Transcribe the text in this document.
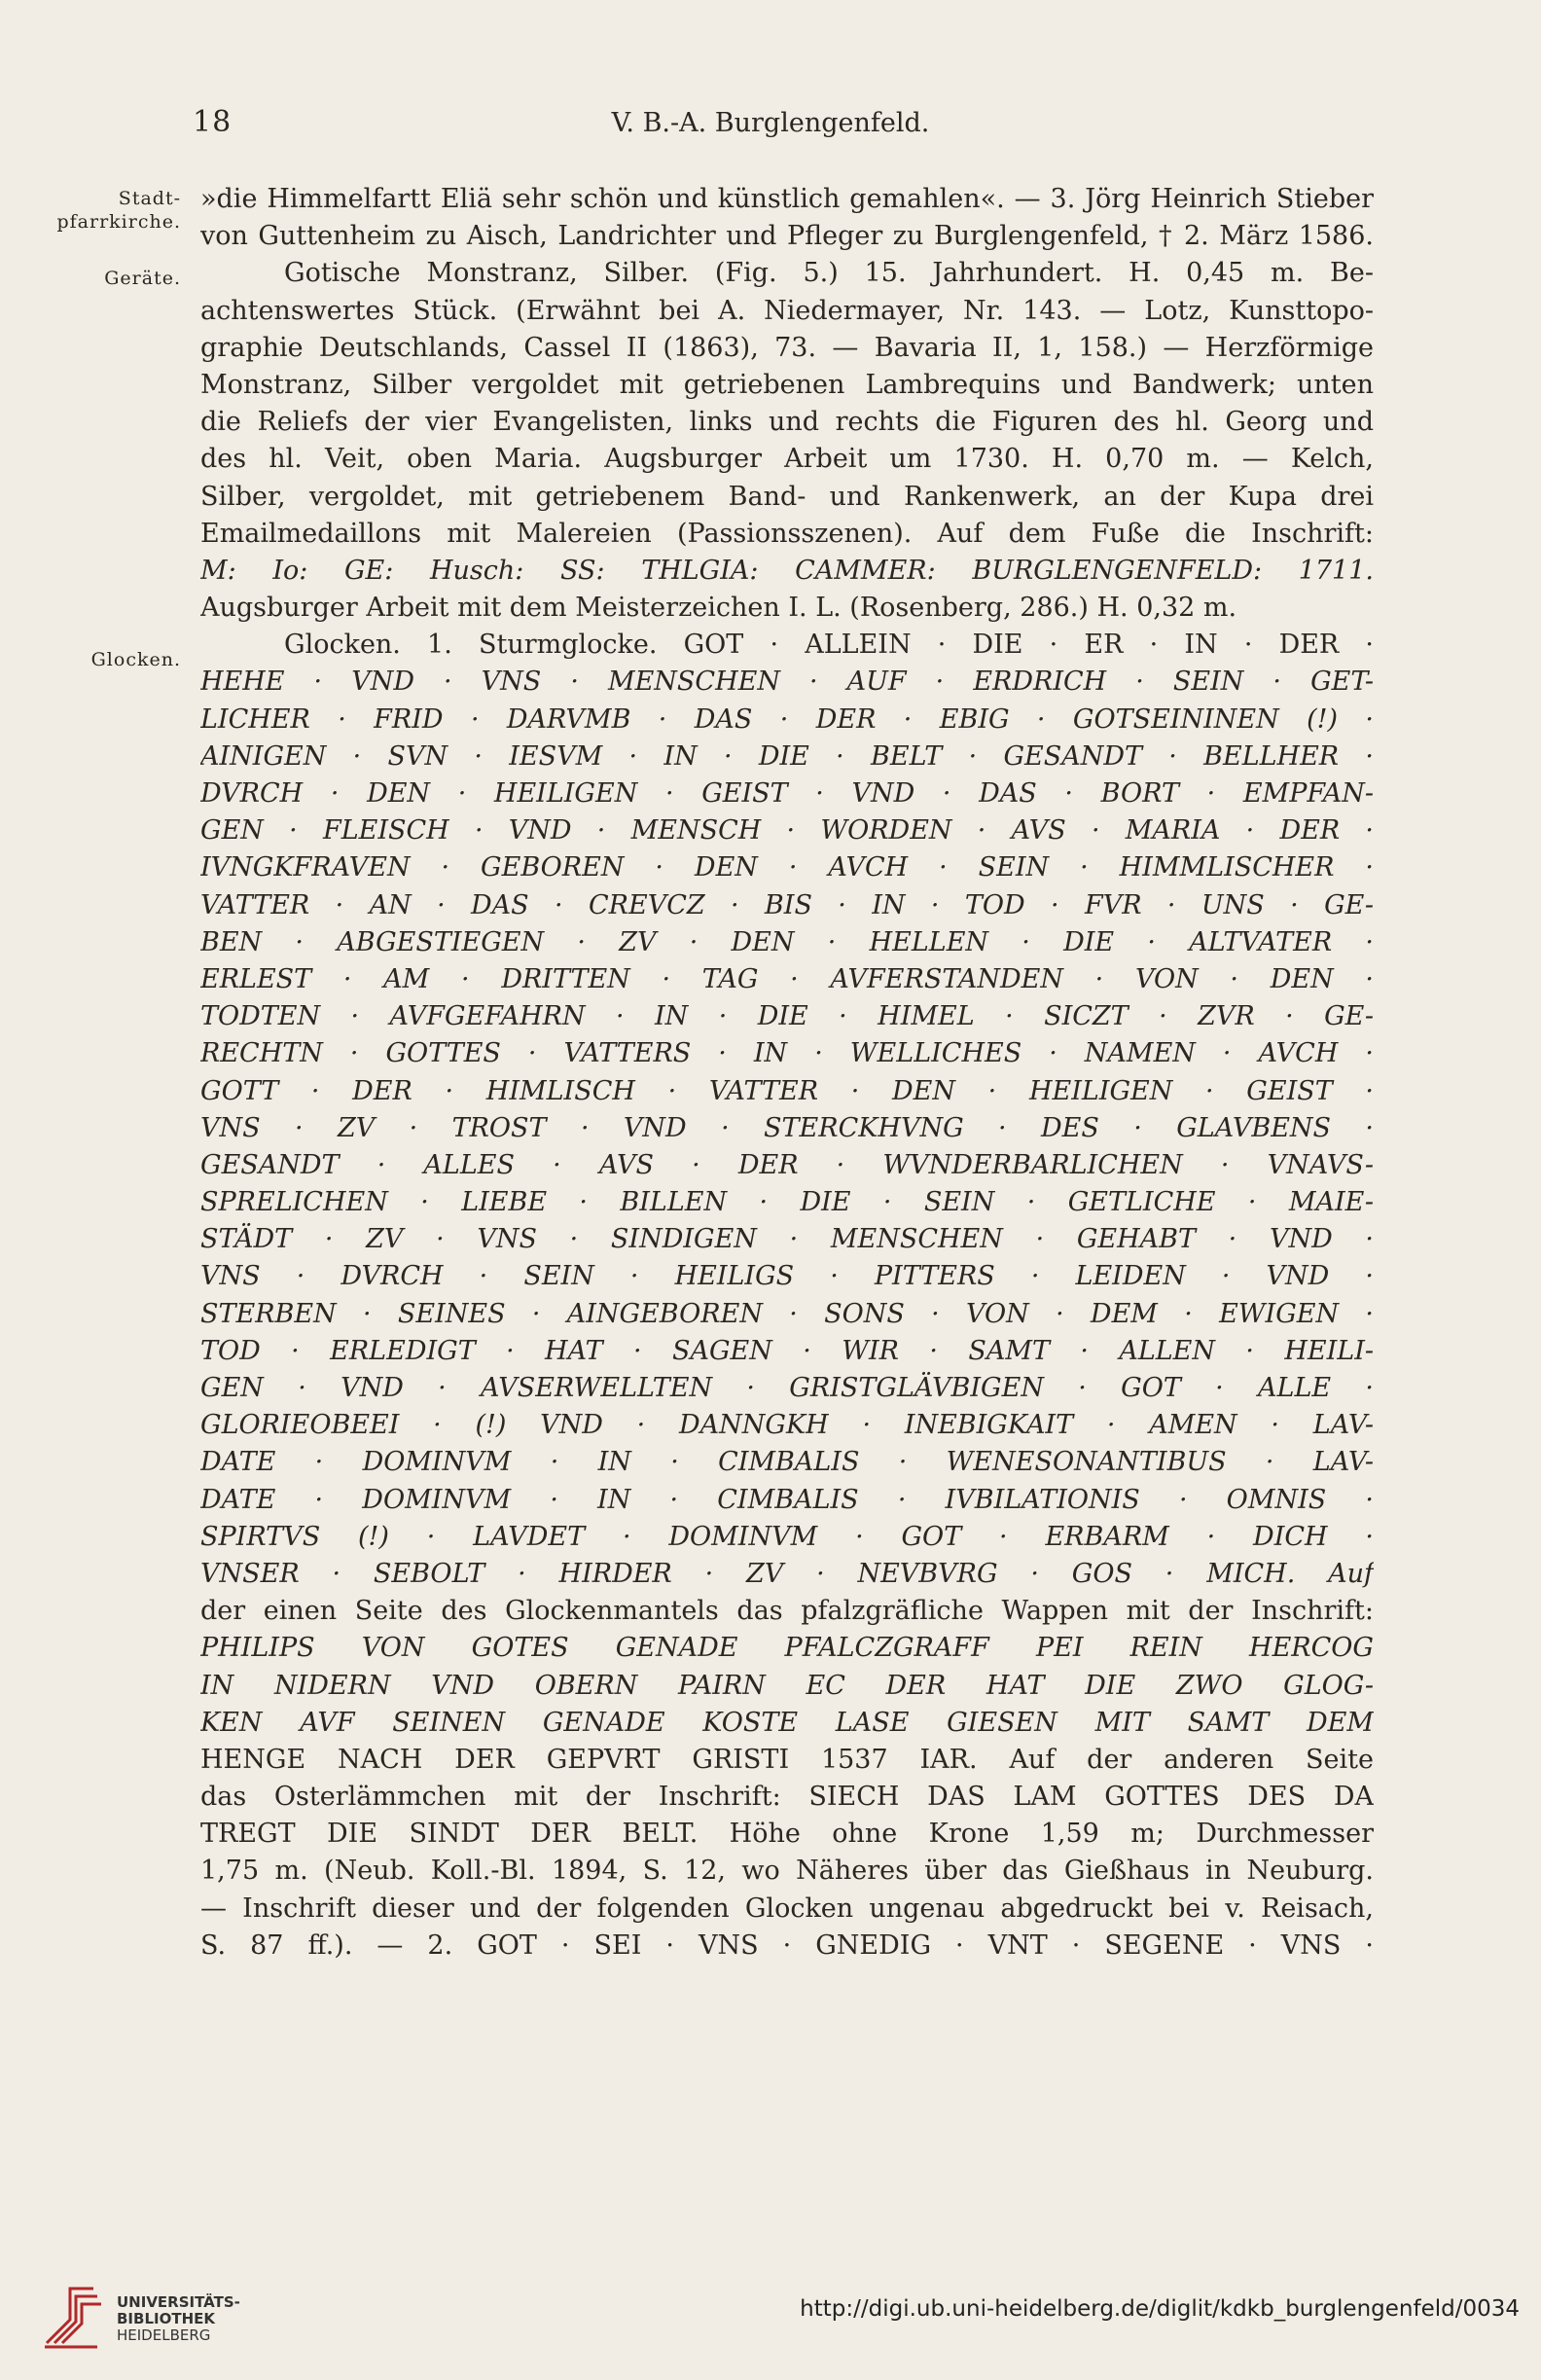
18	V. B.-A. Burglengenfeld.
Stadt-
pfarrkirche.
Geräte.
Glocken.

»die Himmelfartt Eliä sehr schön und künstlich gemahlen«. — 3. Jörg Heinrich Stieber

von Guttenheim zu Aisch, Landrichter und Pfleger zu Burglengenfeld, † 2. März 1586.

Gotische Monstranz, Silber. (Fig. 5.) 15. Jahrhundert. H. 0,45 m. Be-

achtenswertes Stück. (Erwähnt bei A. Niedermayer, Nr. 143. — Lotz, Kunsttopo-

graphie Deutschlands, Cassel II (1863), 73. — Bavaria II, 1, 158.) — Herzförmige

Monstranz, Silber vergoldet mit getriebenen Lambrequins und Bandwerk; unten

die Reliefs der vier Evangelisten, links und rechts die Figuren des hl. Georg und

des hl. Veit, oben Maria. Augsburger Arbeit um 1730. H. 0,70 m. — Kelch,

Silber, vergoldet, mit getriebenem Band- und Rankenwerk, an der Kupa drei

Emailmedaillons mit Malereien (Passionsszenen). Auf dem Fuße die Inschrift:

M: Io: GE: Husch: SS: THLGIA: CAMMER: BURGLENGENFELD: 1711.

Augsburger Arbeit mit dem Meisterzeichen I. L. (Rosenberg, 286.) H. 0,32 m.

Glocken. 1. Sturmglocke. GOT · ALLEIN · DIE · ER · IN · DER ·

HEHE · VND · VNS · MENSCHEN · AUF · ERDRICH · SEIN · GET-

LICHER · FRID · DARVMB · DAS · DER · EBIG · GOTSEININEN (!) ·

AINIGEN · SVN · IESVM · IN · DIE · BELT · GESANDT · BELLHER ·

DVRCH · DEN · HEILIGEN · GEIST · VND · DAS · BORT · EMPFAN-

GEN · FLEISCH · VND · MENSCH · WORDEN · AVS · MARIA · DER ·

IVNGKFRAVEN · GEBOREN · DEN · AVCH · SEIN · HIMMLISCHER ·

VATTER · AN · DAS · CREVCZ · BIS · IN · TOD · FVR · UNS · GE-

BEN · ABGESTIEGEN · ZV · DEN · HELLEN · DIE · ALTVATER ·

ERLEST · AM · DRITTEN · TAG · AVFERSTANDEN · VON · DEN ·

TODTEN · AVFGEFAHRN · IN · DIE · HIMEL · SICZT · ZVR · GE-

RECHTN · GOTTES · VATTERS · IN · WELLICHES · NAMEN · AVCH ·

GOTT · DER · HIMLISCH · VATTER · DEN · HEILIGEN · GEIST ·

VNS · ZV · TROST · VND · STERCKHVNG · DES · GLAVBENS ·

GESANDT · ALLES · AVS · DER · WVNDERBARLICHEN · VNAVS-

SPRELICHEN · LIEBE · BILLEN · DIE · SEIN · GETLICHE · MAIE-

STÄDT · ZV · VNS · SINDIGEN · MENSCHEN · GEHABT · VND ·

VNS · DVRCH · SEIN · HEILIGS · PITTERS · LEIDEN · VND ·

STERBEN · SEINES · AINGEBOREN · SONS · VON · DEM · EWIGEN ·

TOD · ERLEDIGT · HAT · SAGEN · WIR · SAMT · ALLEN · HEILI-

GEN · VND · AVSERWELLTEN · GRISTGLÄVBIGEN · GOT · ALLE ·

GLORIEOBEEI · (!) VND · DANNGKH · INEBIGKAIT · AMEN · LAV-

DATE · DOMINVM · IN · CIMBALIS · WENESONANTIBUS · LAV-

DATE · DOMINVM · IN · CIMBALIS · IVBILATIONIS · OMNIS ·

SPIRTVS (!) · LAVDET · DOMINVM · GOT · ERBARM · DICH ·

VNSER · SEBOLT · HIRDER · ZV · NEVBVRG · GOS · MICH. Auf

der einen Seite des Glockenmantels das pfalzgräfliche Wappen mit der Inschrift:

PHILIPS VON GOTES GENADE PFALCZGRAFF PEI REIN HERCOG

IN NIDERN VND OBERN PAIRN EC DER HAT DIE ZWO GLOG-

KEN AVF SEINEN GENADE KOSTE LASE GIESEN MIT SAMT DEM

HENGE NACH DER GEPVRT GRISTI 1537 IAR. Auf der anderen Seite

das Osterlämmchen mit der Inschrift: SIECH DAS LAM GOTTES DES DA

TREGT DIE SINDT DER BELT. Höhe ohne Krone 1,59 m; Durchmesser

1,75 m. (Neub. Koll.-Bl. 1894, S. 12, wo Näheres über das Gießhaus in Neuburg.

— Inschrift dieser und der folgenden Glocken ungenau abgedruckt bei v. Reisach,

S. 87 ff.). — 2. GOT · SEI · VNS · GNEDIG · VNT · SEGENE · VNS ·

UNIVERSITÄTS-
BIBLIOTHEK
HEIDELBERG
http://digi.ub.uni-heidelberg.de/diglit/kdkb_burglengenfeld/0034
